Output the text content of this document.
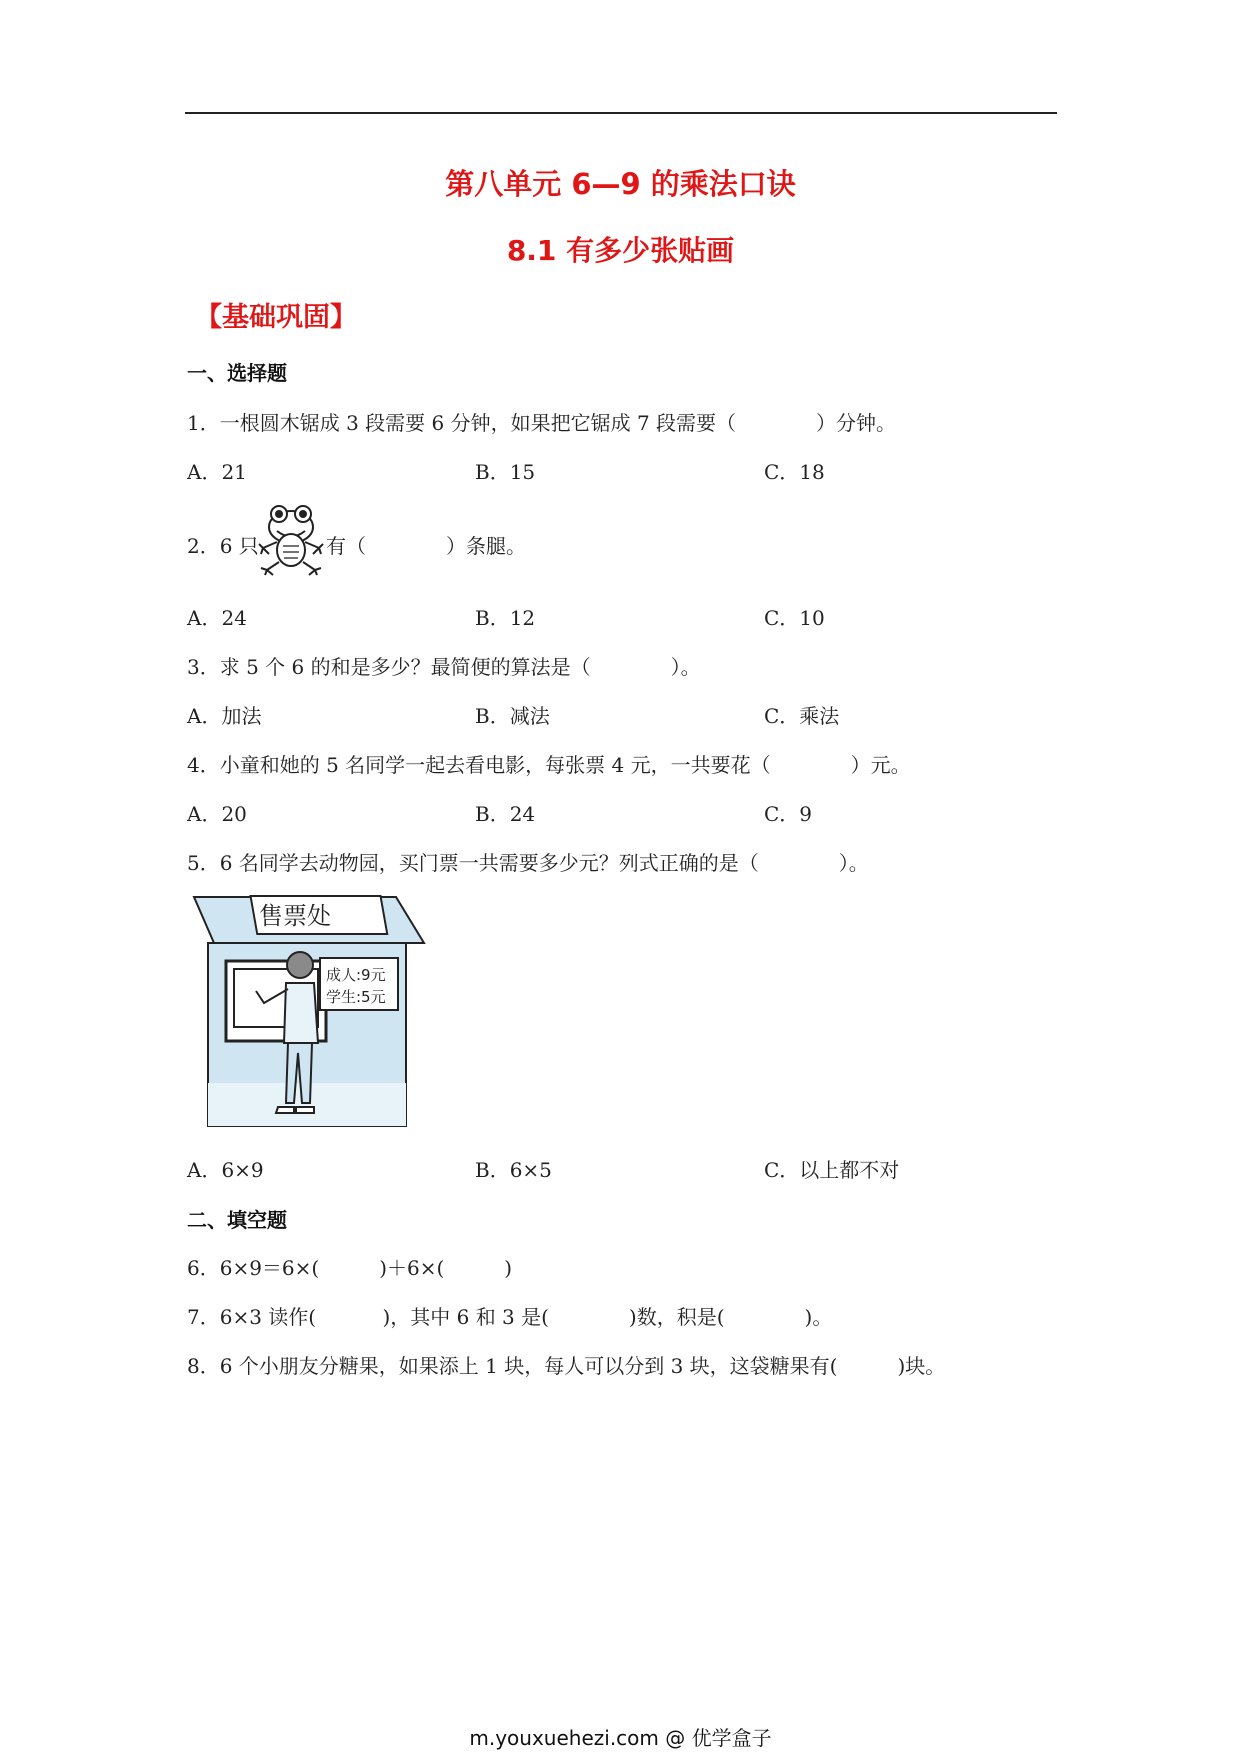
第八单元 6—9 的乘法口诀
8.1 有多少张贴画
【基础巩固】
一、选择题
1．一根圆木锯成 3 段需要 6 分钟，如果把它锯成 7 段需要（　　　　）分钟。
A．21	B．15	C．18
2．6 只	有（　　　　）条腿。
A．24	B．12	C．10
3．求 5 个 6 的和是多少？最简便的算法是（　　　　）。
A．加法	B．减法	C．乘法
4．小童和她的 5 名同学一起去看电影，每张票 4 元，一共要花（　　　　）元。
A．20	B．24	C．9
5．6 名同学去动物园，买门票一共需要多少元？列式正确的是（　　　　）。
售票处
成人:9元
学生:5元
A．6×9	B．6×5	C．以上都不对
二、填空题
6．6×9＝6×(　　　)＋6×(　　　)
7．6×3 读作(　　　 )，其中 6 和 3 是(　　　　)数，积是(　　　　)。
8．6 个小朋友分糖果，如果添上 1 块，每人可以分到 3 块，这袋糖果有(　　　)块。
m.youxuehezi.com @ 优学盒子
